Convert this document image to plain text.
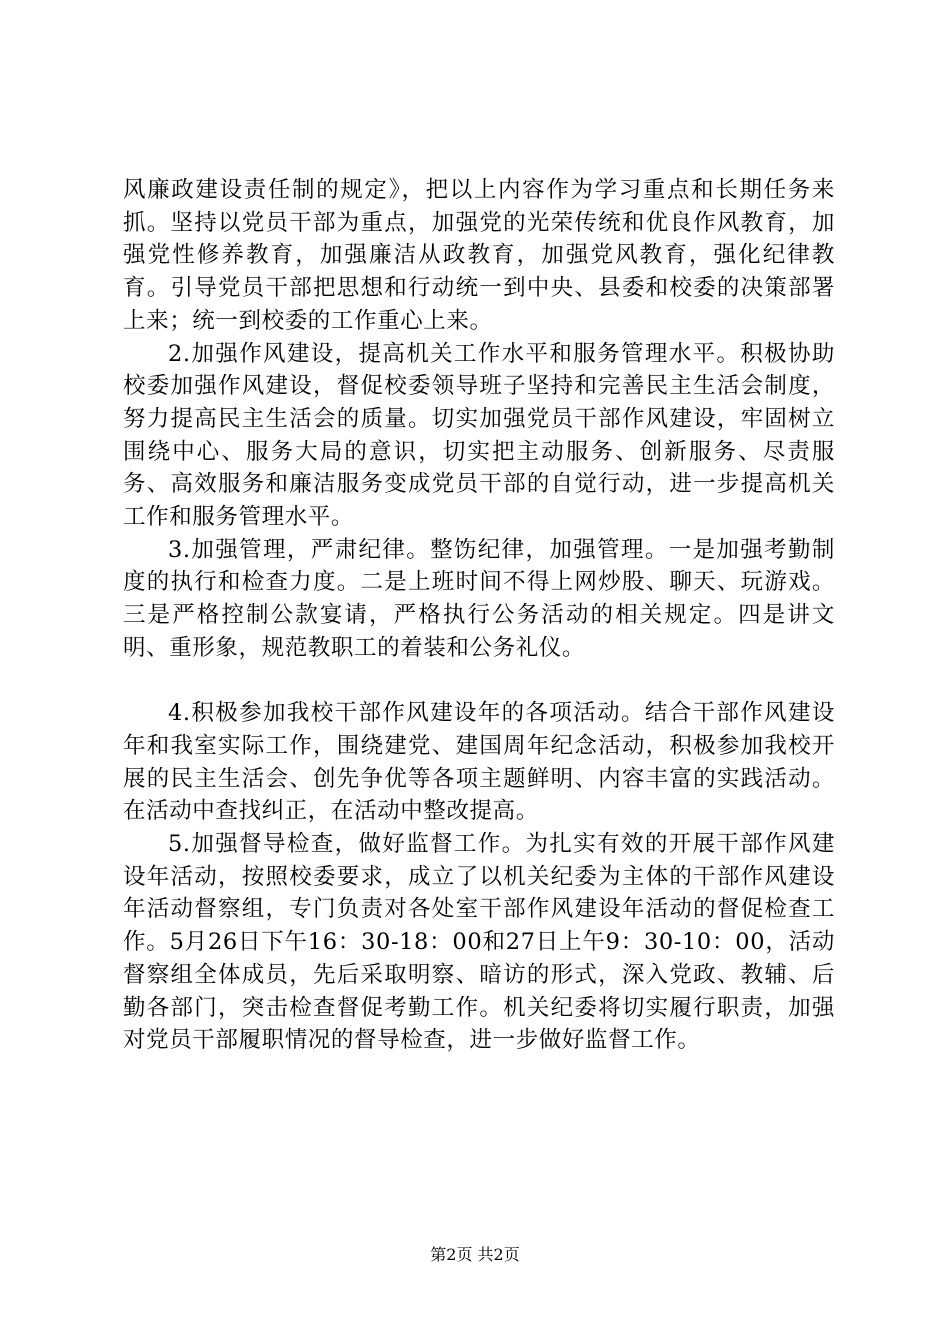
风廉政建设责任制的规定》，把以上内容作为学习重点和长期任务来抓。坚持以党员干部为重点，加强党的光荣传统和优良作风教育，加强党性修养教育，加强廉洁从政教育，加强党风教育，强化纪律教育。引导党员干部把思想和行动统一到中央、县委和校委的决策部署上来；统一到校委的工作重心上来。

2.加强作风建设，提高机关工作水平和服务管理水平。积极协助校委加强作风建设，督促校委领导班子坚持和完善民主生活会制度，努力提高民主生活会的质量。切实加强党员干部作风建设，牢固树立围绕中心、服务大局的意识，切实把主动服务、创新服务、尽责服务、高效服务和廉洁服务变成党员干部的自觉行动，进一步提高机关工作和服务管理水平。

3.加强管理，严肃纪律。整饬纪律，加强管理。一是加强考勤制度的执行和检查力度。二是上班时间不得上网炒股、聊天、玩游戏。三是严格控制公款宴请，严格执行公务活动的相关规定。四是讲文明、重形象，规范教职工的着装和公务礼仪。

4.积极参加我校干部作风建设年的各项活动。结合干部作风建设年和我室实际工作，围绕建党、建国周年纪念活动，积极参加我校开展的民主生活会、创先争优等各项主题鲜明、内容丰富的实践活动。在活动中查找纠正，在活动中整改提高。

5.加强督导检查，做好监督工作。为扎实有效的开展干部作风建设年活动，按照校委要求，成立了以机关纪委为主体的干部作风建设年活动督察组，专门负责对各处室干部作风建设年活动的督促检查工作。5月26日下午16：30-18：00和27日上午9：30-10：00，活动督察组全体成员，先后采取明察、暗访的形式，深入党政、教辅、后勤各部门，突击检查督促考勤工作。机关纪委将切实履行职责，加强对党员干部履职情况的督导检查，进一步做好监督工作。

第2页 共2页
